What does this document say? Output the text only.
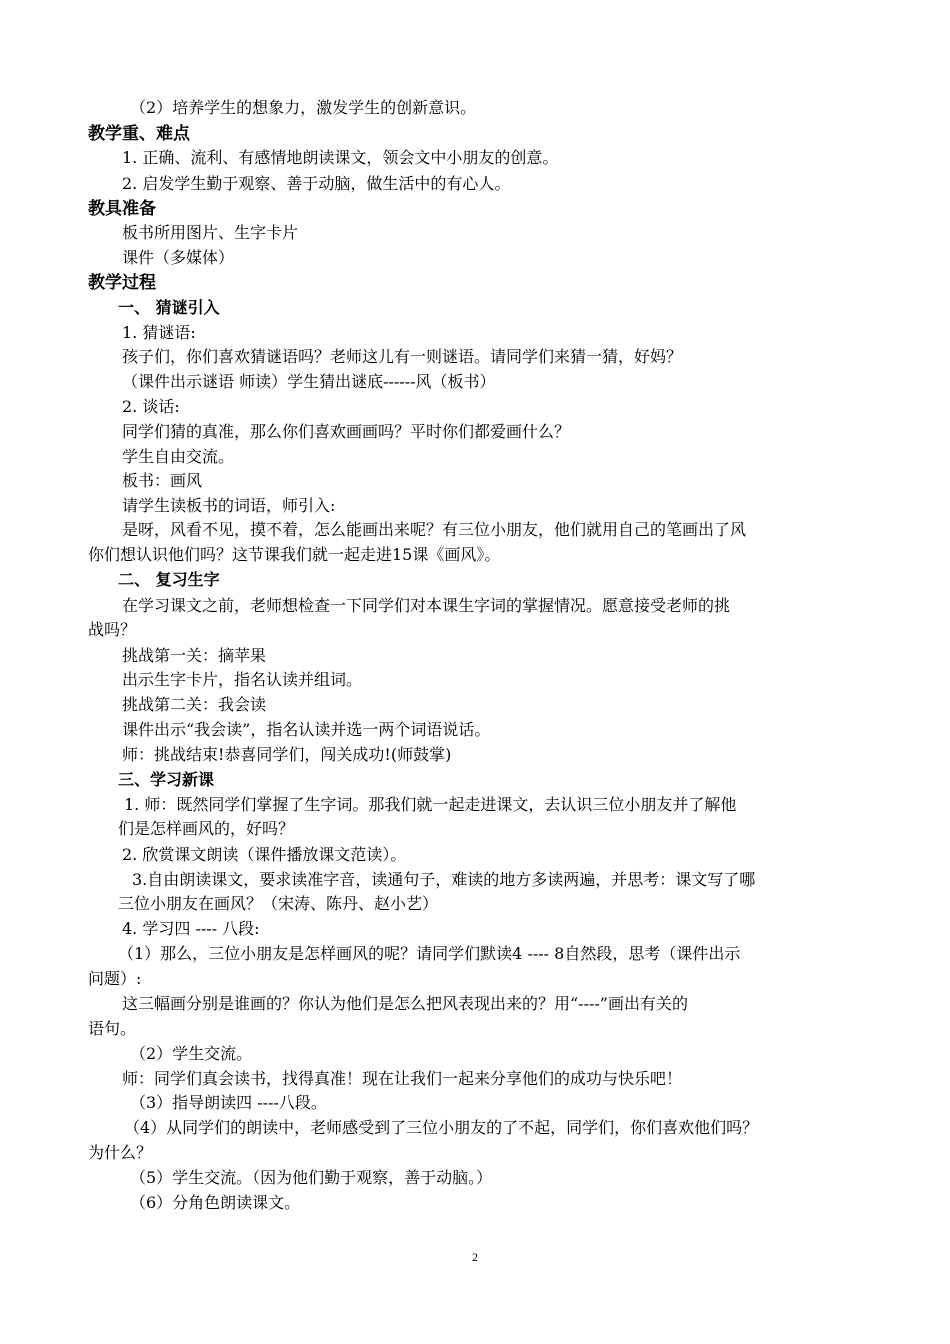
（2）培养学生的想象力，激发学生的创新意识。
教学重、难点
1. 正确、流利、有感情地朗读课文，领会文中小朋友的创意。
2. 启发学生勤于观察、善于动脑，做生活中的有心人。
教具准备
板书所用图片、生字卡片
课件（多媒体）
教学过程
一、 猜谜引入
1. 猜谜语:
孩子们，你们喜欢猜谜语吗？老师这儿有一则谜语。请同学们来猜一猜，好妈？
（课件出示谜语 师读）学生猜出谜底------风（板书）
2. 谈话:
同学们猜的真准，那么你们喜欢画画吗？平时你们都爱画什么？
学生自由交流。
板书：画风
请学生读板书的词语，师引入:
是呀，风看不见，摸不着，怎么能画出来呢？有三位小朋友，他们就用自己的笔画出了风
你们想认识他们吗？这节课我们就一起走进15课《画风》。
二、 复习生字
在学习课文之前，老师想检查一下同学们对本课生字词的掌握情况。愿意接受老师的挑
战吗？
挑战第一关：摘苹果
出示生字卡片，指名认读并组词。
挑战第二关：我会读
课件出示“我会读”，指名认读并选一两个词语说话。
师：挑战结束!恭喜同学们，闯关成功!(师鼓掌)
三、学习新课
1. 师：既然同学们掌握了生字词。那我们就一起走进课文，去认识三位小朋友并了解他
们是怎样画风的，好吗？
2. 欣赏课文朗读（课件播放课文范读）。
3.自由朗读课文，要求读准字音，读通句子，难读的地方多读两遍，并思考：课文写了哪
三位小朋友在画风？（宋涛、陈丹、赵小艺）
4. 学习四 ---- 八段:
（1）那么，三位小朋友是怎样画风的呢？请同学们默读4 ---- 8自然段，思考（课件出示
问题）:
这三幅画分别是谁画的？你认为他们是怎么把风表现出来的？用“----”画出有关的
语句。
（2）学生交流。
师：同学们真会读书，找得真准！现在让我们一起来分享他们的成功与快乐吧！
（3）指导朗读四 ----八段。
（4）从同学们的朗读中，老师感受到了三位小朋友的了不起，同学们，你们喜欢他们吗？
为什么？
（5）学生交流。（因为他们勤于观察，善于动脑。）
（6）分角色朗读课文。
2
